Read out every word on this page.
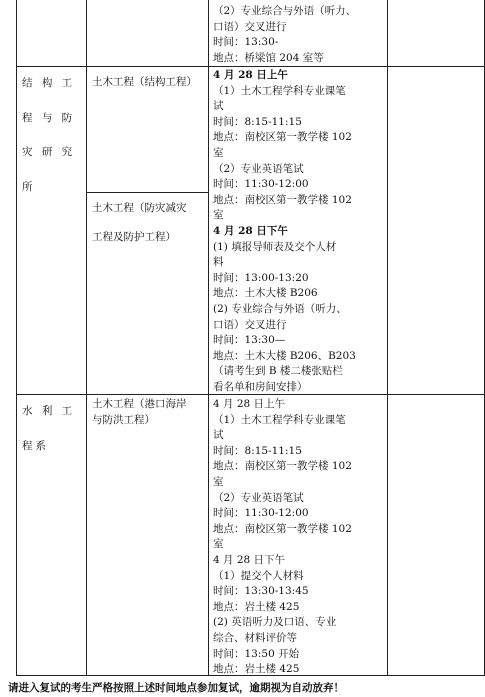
（2）专业综合与外语（听力、
口语）交叉进行
时间：13:30-
地点：桥梁馆 204 室等
结 构 工
程 与 防
灾 研 究
所
土木工程（结构工程）
土木工程（防灾减灾
工程及防护工程）
4 月 28 日上午
（1）土木工程学科专业课笔
试
时间：8:15-11:15
地点：南校区第一教学楼 102
室
（2）专业英语笔试
时间：11:30-12:00
地点：南校区第一教学楼 102
室
4 月 28 日下午
(1) 填报导师表及交个人材
料
时间：13:00-13:20
地点：土木大楼 B206
(2) 专业综合与外语（听力、
口语）交叉进行
时间：13:30—
地点：土木大楼 B206、B203
（请考生到 B 楼二楼张贴栏
看名单和房间安排）
水 利 工
程系
土木工程（港口海岸
与防洪工程）
4 月 28 日上午
（1）土木工程学科专业课笔
试
时间：8:15-11:15
地点：南校区第一教学楼 102
室
（2）专业英语笔试
时间：11:30-12:00
地点：南校区第一教学楼 102
室
4 月 28 日下午
（1）提交个人材料
时间：13:30-13:45
地点：岩土楼 425
(2) 英语听力及口语、专业
综合、材料评价等
时间：13:50 开始
地点：岩土楼 425
请进入复试的考生严格按照上述时间地点参加复试，逾期视为自动放弃！
